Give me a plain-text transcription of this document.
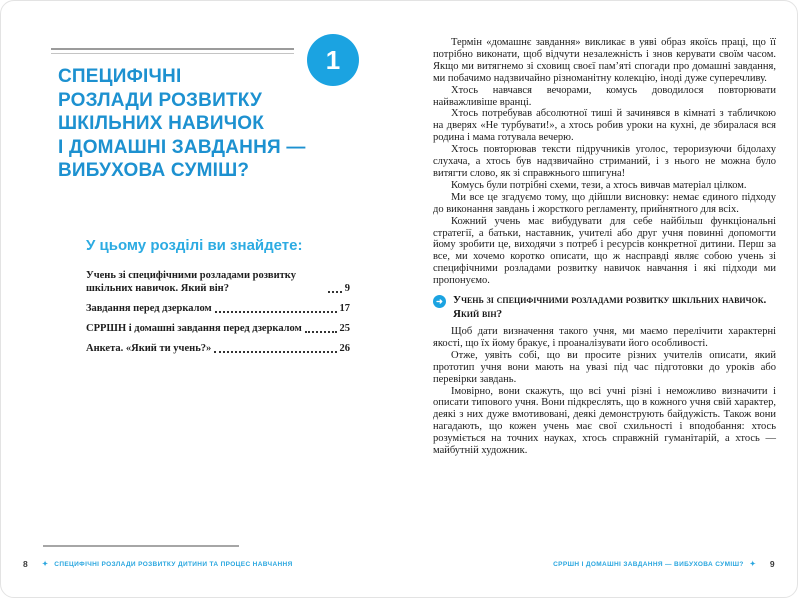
1
СПЕЦИФІЧНІ
РОЗЛАДИ РОЗВИТКУ
ШКІЛЬНИХ НАВИЧОК
І ДОМАШНІ ЗАВДАННЯ —
ВИБУХОВА СУМІШ?
У цьому розділі ви знайдете:
Учень зі специфічними розладами розвитку шкільних навичок. Який він?	9
Завдання перед дзеркалом	17
СРРШН і домашні завдання перед дзеркалом	25
Анкета. «Який ти учень?»	26
8 ✦ СПЕЦИФІЧНІ РОЗЛАДИ РОЗВИТКУ ДИТИНИ ТА ПРОЦЕС НАВЧАННЯ

Термін «домашнє завдання» викликає в уяві образ якоїсь праці, що її потрібно виконати, щоб відчути незалежність і знов керувати своїм часом. Якщо ми витягнемо зі сховищ своєї пам’яті спогади про домашні завдання, ми побачимо надзвичайно різноманітну колекцію, іноді дуже суперечливу.

Хтось навчався вечорами, комусь доводилося повторювати найважливіше вранці.

Хтось потребував абсолютної тиші й зачинявся в кімнаті з табличкою на дверях «Не турбувати!», а хтось робив уроки на кухні, де збиралася вся родина і мама готувала вечерю.

Хтось повторював тексти підручників уголос, тероризуючи бідолаху слухача, а хтось був надзвичайно стриманий, і з нього не можна було витягти слово, як зі справжнього шпигуна!

Комусь були потрібні схеми, тези, а хтось вивчав матеріал цілком.

Ми все це згадуємо тому, що дійшли висновку: немає єдиного підходу до виконання завдань і жорсткого регламенту, прийнятного для всіх.

Кожний учень має вибудувати для себе найбільш функціональні стратегії, а батьки, наставник, учителі або друг учня повинні допомогти йому зробити це, виходячи з потреб і ресурсів конкретної дитини. Перш за все, ми хочемо коротко описати, що ж насправді являє собою учень зі специфічними розладами розвитку навичок навчання і які підходи ми пропонуємо.

➜ Учень зі специфічними розладами розвитку шкільних навичок. Який він?

Щоб дати визначення такого учня, ми маємо перелічити характерні якості, що їх йому бракує, і проаналізувати його особливості.

Отже, уявіть собі, що ви просите різних учителів описати, який прототип учня вони мають на увазі під час підготовки до уроків або перевірки завдань.

Імовірно, вони скажуть, що всі учні різні і неможливо визначити і описати типового учня. Вони підкреслять, що в кожного учня свій характер, деякі з них дуже вмотивовані, деякі демонструють байдужість. Також вони нагадають, що кожен учень має свої схильності і вподобання: хтось розуміється на точних науках, хтось справжній гуманітарій, а хтось — майбутній художник.

СРРШН І ДОМАШНІ ЗАВДАННЯ — ВИБУХОВА СУМІШ? ✦ 9
